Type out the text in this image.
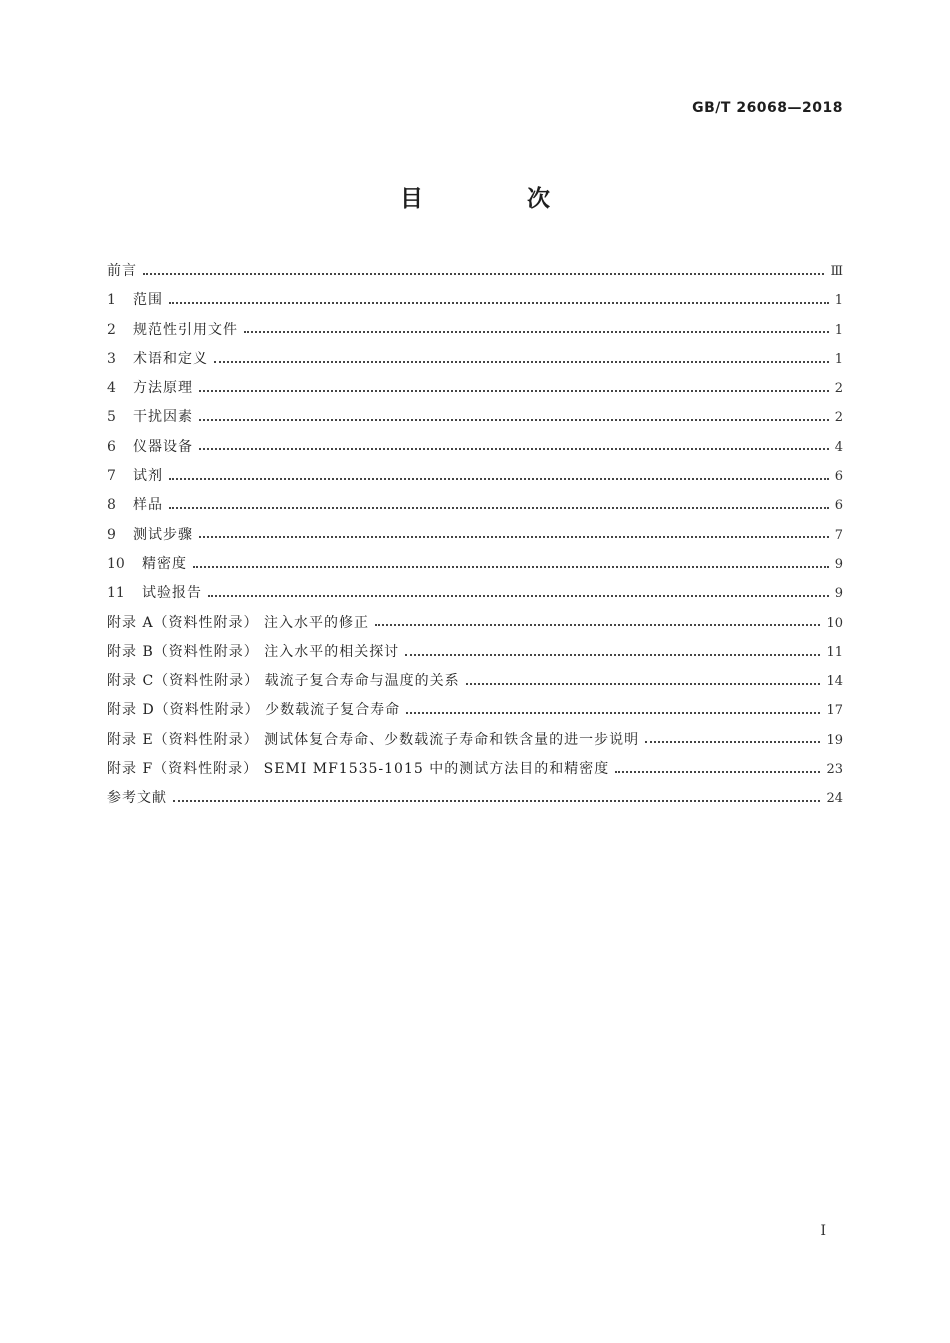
GB/T 26068—2018
目 次
前言	Ⅲ
1	范围	1
2	规范性引用文件	1
3	术语和定义	1
4	方法原理	2
5	干扰因素	2
6	仪器设备	4
7	试剂	6
8	样品	6
9	测试步骤	7
10	精密度	9
11	试验报告	9
附录 A（资料性附录） 注入水平的修正	10
附录 B（资料性附录） 注入水平的相关探讨	11
附录 C（资料性附录） 载流子复合寿命与温度的关系	14
附录 D（资料性附录） 少数载流子复合寿命	17
附录 E（资料性附录） 测试体复合寿命、少数载流子寿命和铁含量的进一步说明	19
附录 F（资料性附录） SEMI MF1535-1015 中的测试方法目的和精密度	23
参考文献	24
I
